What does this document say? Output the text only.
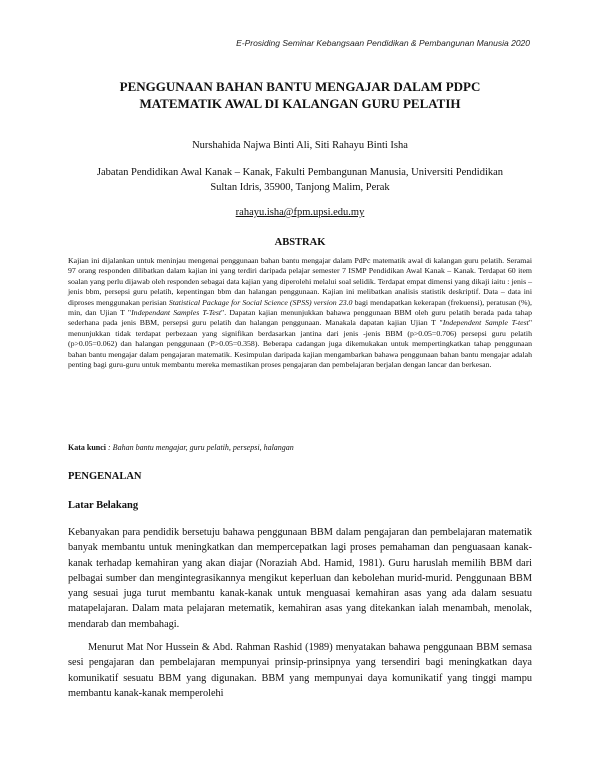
E-Prosiding Seminar Kebangsaan Pendidikan & Pembangunan Manusia 2020
PENGGUNAAN BAHAN BANTU MENGAJAR DALAM PDPC
MATEMATIK AWAL DI KALANGAN GURU PELATIH
Nurshahida Najwa Binti Ali, Siti Rahayu Binti Isha
Jabatan Pendidikan Awal Kanak – Kanak, Fakulti Pembangunan Manusia, Universiti Pendidikan Sultan Idris, 35900, Tanjong Malim, Perak
rahayu.isha@fpm.upsi.edu.my
ABSTRAK
Kajian ini dijalankan untuk meninjau mengenai penggunaan bahan bantu mengajar dalam PdPc matematik awal di kalangan guru pelatih. Seramai 97 orang responden dilibatkan dalam kajian ini yang terdiri daripada pelajar semester 7 ISMP Pendidikan Awal Kanak – Kanak. Terdapat 60 item soalan yang perlu dijawab oleh responden sebagai data kajian yang diperolehi melalui soal selidik. Terdapat empat dimensi yang dikaji iaitu : jenis – jenis bbm, persepsi guru pelatih, kepentingan bbm dan halangan penggunaan. Kajian ini melibatkan analisis statistik deskriptif. Data – data ini diproses menggunakan perisian Statistical Package for Social Science (SPSS) version 23.0 bagi mendapatkan kekerapan (frekuensi), peratusan (%), min, dan Ujian T "Independant Samples T-Test". Dapatan kajian menunjukkan bahawa penggunaan BBM oleh guru pelatih berada pada tahap sederhana pada jenis BBM, persepsi guru pelatih dan halangan penggunaan. Manakala dapatan kajian Ujian T "Independent Sample T-test" menunjukkan tidak terdapat perbezaan yang signifikan berdasarkan jantina dari jenis -jenis BBM (p>0.05=0.706) persepsi guru pelatih (p>0.05=0.062) dan halangan penggunaan (P>0.05=0.358). Beberapa cadangan juga dikemukakan untuk mempertingkatkan tahap penggunaan bahan bantu mengajar dalam pengajaran matematik. Kesimpulan daripada kajian mengambarkan bahawa penggunaan bahan bantu mengajar adalah penting bagi guru-guru untuk membantu mereka memastikan proses pengajaran dan pembelajaran berjalan dengan lancar dan berkesan.
Kata kunci : Bahan bantu mengajar, guru pelatih, persepsi, halangan
PENGENALAN
Latar Belakang
Kebanyakan para pendidik bersetuju bahawa penggunaan BBM dalam pengajaran dan pembelajaran matematik banyak membantu untuk meningkatkan dan mempercepatkan lagi proses pemahaman dan penguasaan kanak-kanak terhadap kemahiran yang akan diajar (Noraziah Abd. Hamid, 1981). Guru haruslah memilih BBM dari pelbagai sumber dan mengintegrasikannya mengikut keperluan dan kebolehan murid-murid. Penggunaan BBM yang sesuai juga turut membantu kanak-kanak untuk menguasai kemahiran asas yang ada dalam sesuatu matapelajaran. Dalam mata pelajaran metematik, kemahiran asas yang ditekankan ialah menambah, menolak, mendarab dan membahagi.
Menurut Mat Nor Hussein & Abd. Rahman Rashid (1989) menyatakan bahawa penggunaan BBM semasa sesi pengajaran dan pembelajaran mempunyai prinsip-prinsipnya yang tersendiri bagi meningkatkan daya komunikatif sesuatu BBM yang digunakan. BBM yang mempunyai daya komunikatif yang tinggi mampu membantu kanak-kanak memperolehi
